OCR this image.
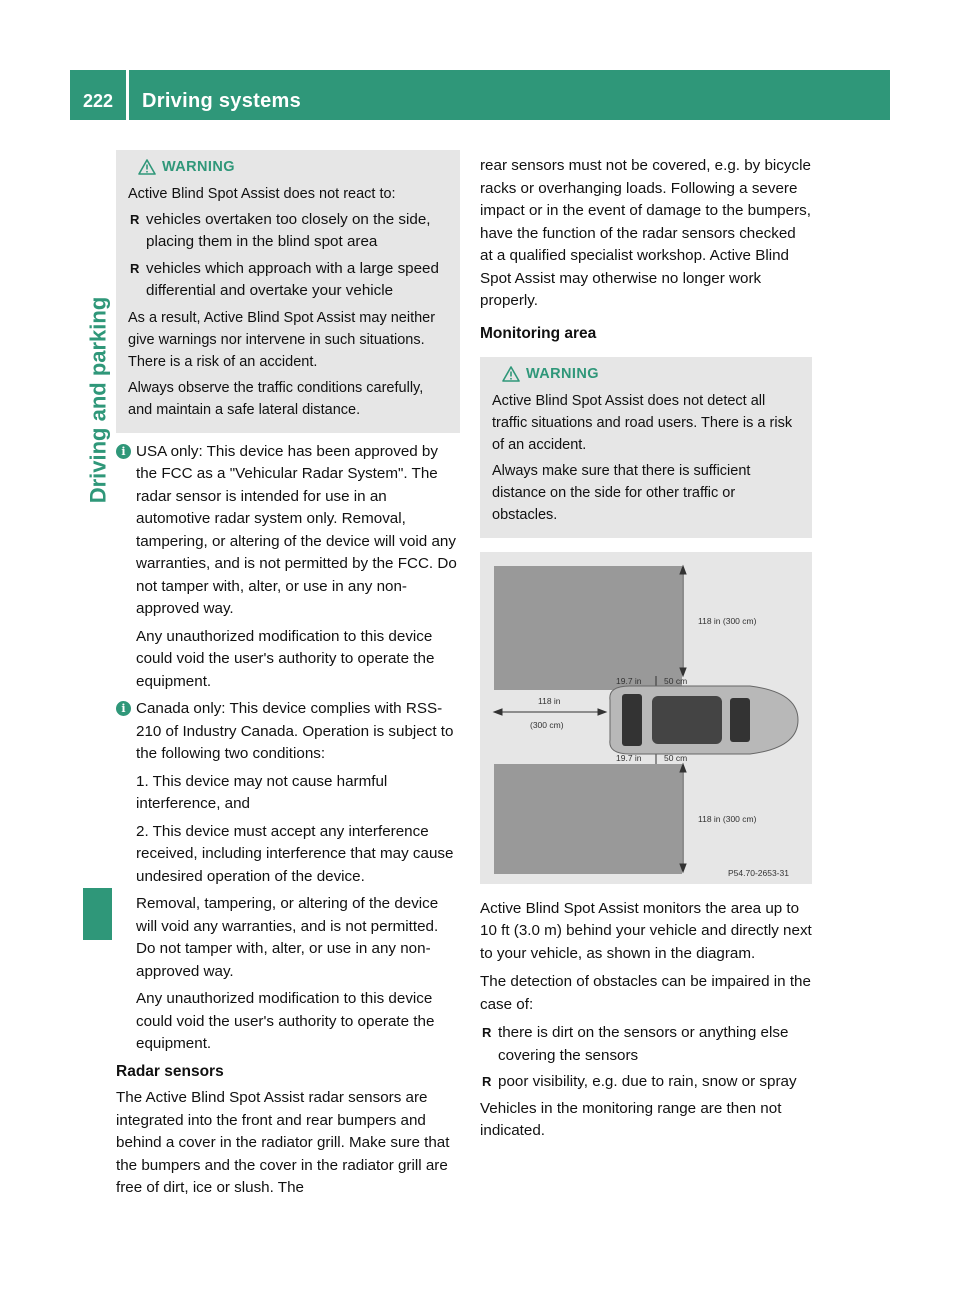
222	Driving systems
Driving and parking
WARNING

Active Blind Spot Assist does not react to:

R vehicles overtaken too closely on the side, placing them in the blind spot area
R vehicles which approach with a large speed differential and overtake your vehicle

As a result, Active Blind Spot Assist may neither give warnings nor intervene in such situations. There is a risk of an accident.

Always observe the traffic conditions carefully, and maintain a safe lateral distance.

i USA only: This device has been approved by the FCC as a "Vehicular Radar System". The radar sensor is intended for use in an automotive radar system only. Removal, tampering, or altering of the device will void any warranties, and is not permitted by the FCC. Do not tamper with, alter, or use in any non-approved way.

Any unauthorized modification to this device could void the user's authority to operate the equipment.

i Canada only: This device complies with RSS-210 of Industry Canada. Operation is subject to the following two conditions:

1. This device may not cause harmful interference, and

2. This device must accept any interference received, including interference that may cause undesired operation of the device.

Removal, tampering, or altering of the device will void any warranties, and is not permitted. Do not tamper with, alter, or use in any non-approved way.

Any unauthorized modification to this device could void the user's authority to operate the equipment.

Radar sensors

The Active Blind Spot Assist radar sensors are integrated into the front and rear bumpers and behind a cover in the radiator grill. Make sure that the bumpers and the cover in the radiator grill are free of dirt, ice or slush. The

rear sensors must not be covered, e.g. by bicycle racks or overhanging loads. Following a severe impact or in the event of damage to the bumpers, have the function of the radar sensors checked at a qualified specialist workshop. Active Blind Spot Assist may otherwise no longer work properly.

Monitoring area
WARNING

Active Blind Spot Assist does not detect all traffic situations and road users. There is a risk of an accident.

Always make sure that there is sufficient distance on the side for other traffic or obstacles.

118 in (300 cm)
118 in (300 cm)
118 in
(300 cm)
19.7 in	50 cm
19.7 in	50 cm
P54.70-2653-31

Active Blind Spot Assist monitors the area up to 10 ft (3.0 m) behind your vehicle and directly next to your vehicle, as shown in the diagram.

The detection of obstacles can be impaired in the case of:

R there is dirt on the sensors or anything else covering the sensors
R poor visibility, e.g. due to rain, snow or spray

Vehicles in the monitoring range are then not indicated.
